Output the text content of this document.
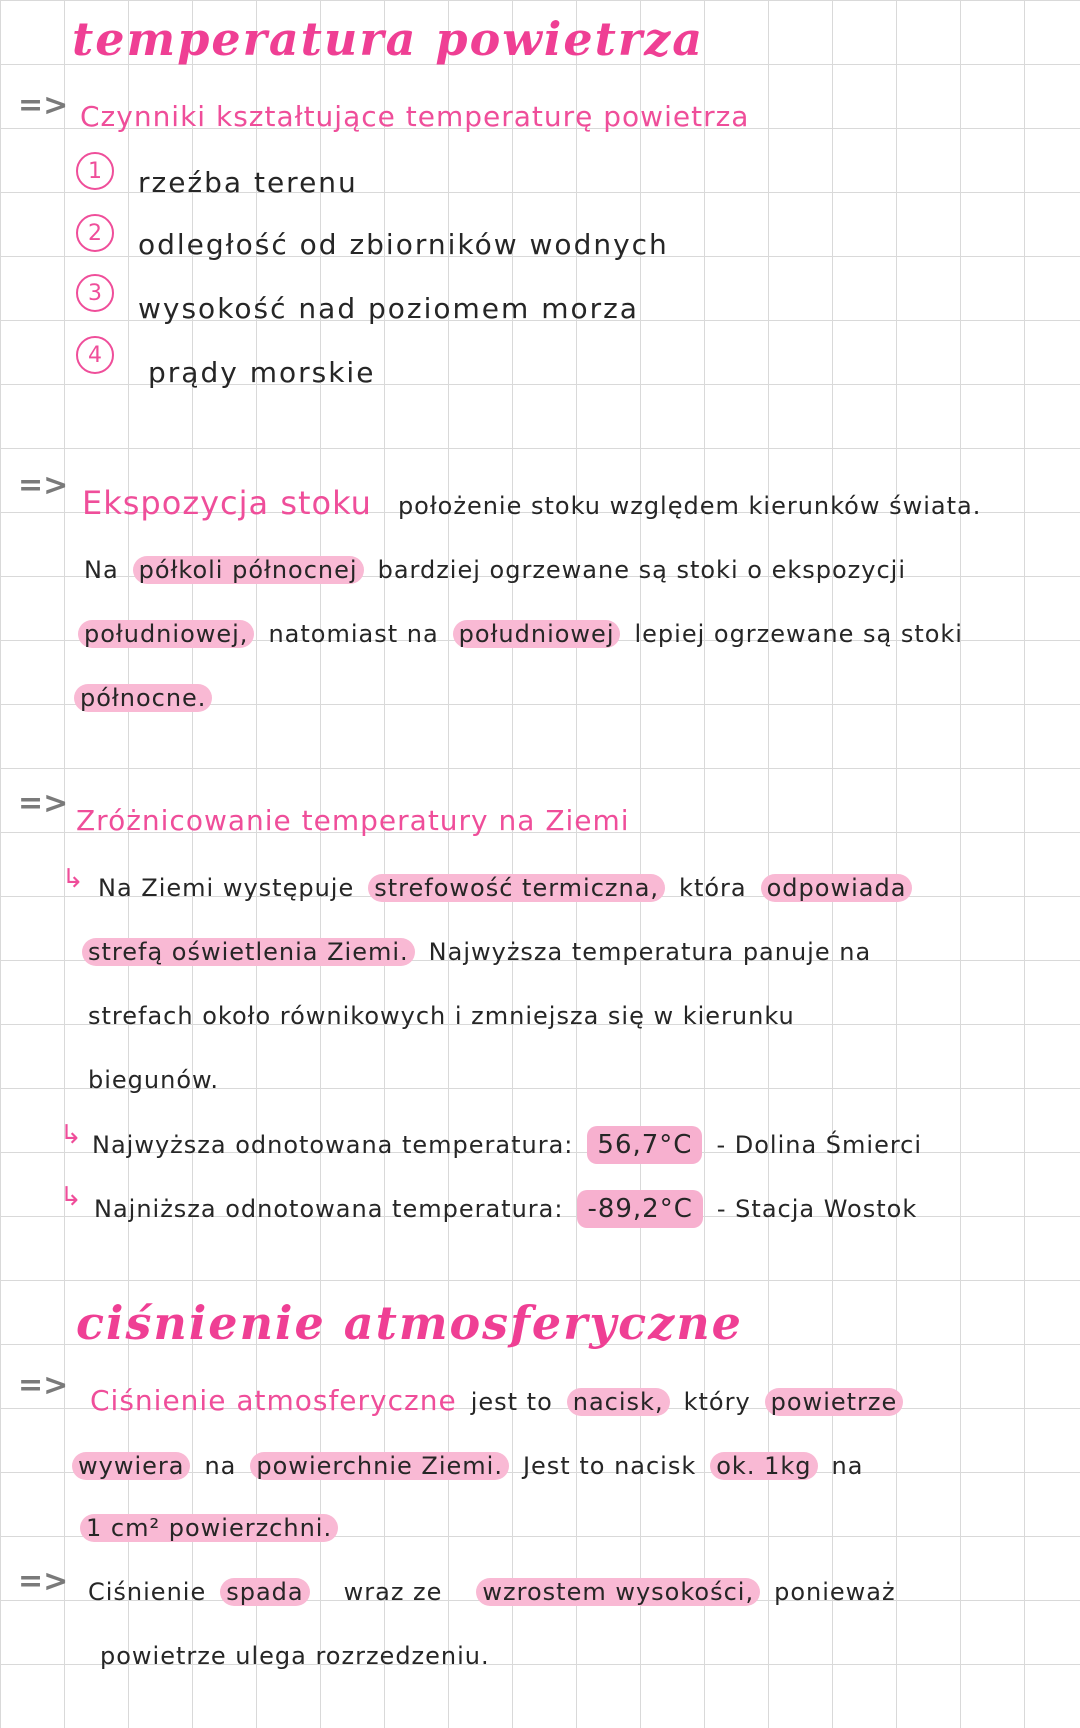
temperatura powietrza
=> Czynniki kształtujące temperaturę powietrza
1	rzeźba terenu
2	odległość od zbiorników wodnych
3	wysokość nad poziomem morza
4
prądy morskie
=> Ekspozycja stoku położenie stoku względem kierunków świata.
Na półkoli północnej bardziej ogrzewane są stoki o ekspozycji
południowej, natomiast na południowej lepiej ogrzewane są stoki
północne.
=> Zróżnicowanie temperatury na Ziemi
↳ Na Ziemi występuje strefowość termiczna, która odpowiada
strefą oświetlenia Ziemi. Najwyższa temperatura panuje na
strefach około równikowych i zmniejsza się w kierunku
biegunów.
↳ Najwyższa odnotowana temperatura: 56,7°C	- Dolina Śmierci
↳ Najniższa odnotowana temperatura: -89,2°C	- Stacja Wostok
ciśnienie atmosferyczne
=> Ciśnienie atmosferyczne jest to nacisk, który powietrze
wywiera na powierchnie Ziemi. Jest to nacisk ok. 1kg na
1 cm² powierzchni.
=> Ciśnienie spada wraz ze wzrostem wysokości, ponieważ
powietrze ulega rozrzedzeniu.
